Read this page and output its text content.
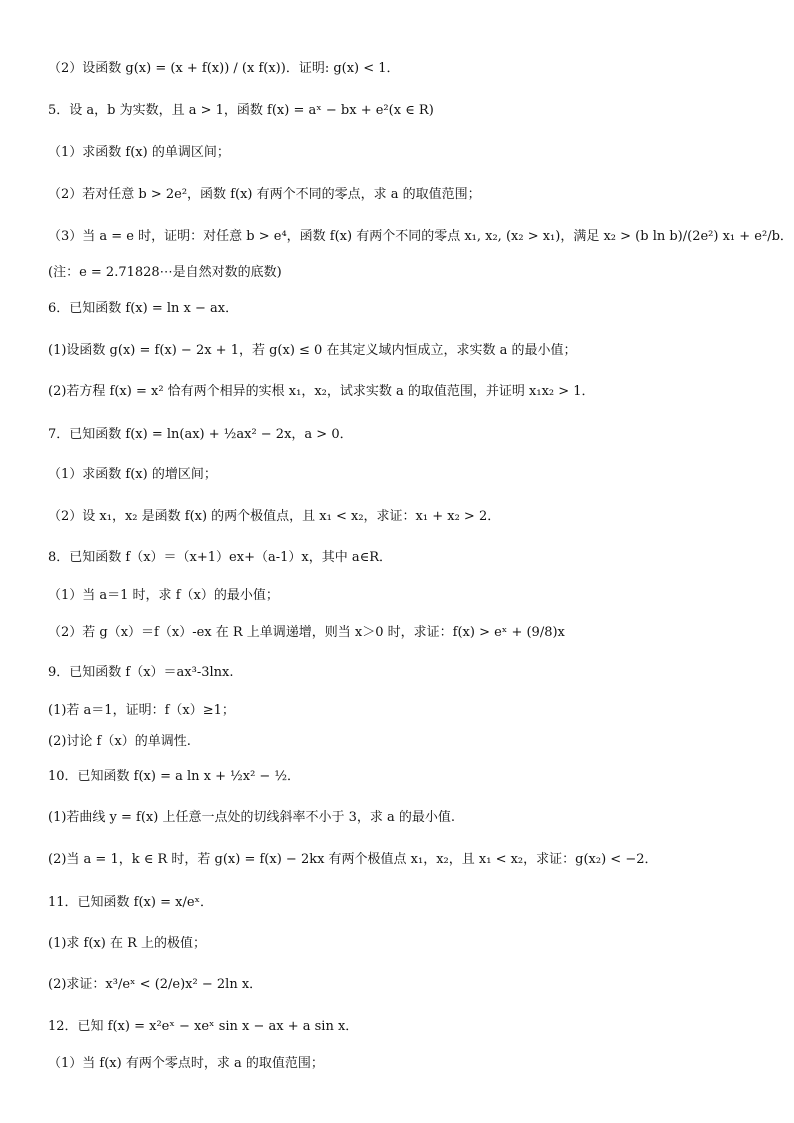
（2）设函数 g(x) = (x + f(x)) / (x f(x))．证明: g(x) < 1．
5．设 a，b 为实数，且 a > 1，函数 f(x) = aˣ − bx + e²(x ∈ R)
（1）求函数 f(x) 的单调区间；
（2）若对任意 b > 2e²，函数 f(x) 有两个不同的零点，求 a 的取值范围；
（3）当 a = e 时，证明：对任意 b > e⁴，函数 f(x) 有两个不同的零点 x₁, x₂, (x₂ > x₁)，满足 x₂ > (b ln b)/(2e²) x₁ + e²/b．
(注：e = 2.71828⋯是自然对数的底数)
6．已知函数 f(x) = ln x − ax．
(1)设函数 g(x) = f(x) − 2x + 1，若 g(x) ≤ 0 在其定义域内恒成立，求实数 a 的最小值；
(2)若方程 f(x) = x² 恰有两个相异的实根 x₁，x₂，试求实数 a 的取值范围，并证明 x₁x₂ > 1．
7．已知函数 f(x) = ln(ax) + ½ax² − 2x，a > 0．
（1）求函数 f(x) 的增区间；
（2）设 x₁，x₂ 是函数 f(x) 的两个极值点，且 x₁ < x₂，求证：x₁ + x₂ > 2．
8．已知函数 f（x）＝（x+1）ex+（a-1）x，其中 a∈R．
（1）当 a＝1 时，求 f（x）的最小值；
（2）若 g（x）＝f（x）-ex 在 R 上单调递增，则当 x＞0 时，求证：f(x) > eˣ + (9/8)x
9．已知函数 f（x）＝ax³-3lnx.
(1)若 a＝1，证明：f（x）≥1；
(2)讨论 f（x）的单调性.
10．已知函数 f(x) = a ln x + ½x² − ½．
(1)若曲线 y = f(x) 上任意一点处的切线斜率不小于 3，求 a 的最小值.
(2)当 a = 1，k ∈ R 时，若 g(x) = f(x) − 2kx 有两个极值点 x₁，x₂，且 x₁ < x₂，求证：g(x₂) < −2．
11．已知函数 f(x) = x/eˣ．
(1)求 f(x) 在 R 上的极值；
(2)求证：x³/eˣ < (2/e)x² − 2ln x．
12．已知 f(x) = x²eˣ − xeˣ sin x − ax + a sin x．
（1）当 f(x) 有两个零点时，求 a 的取值范围；
